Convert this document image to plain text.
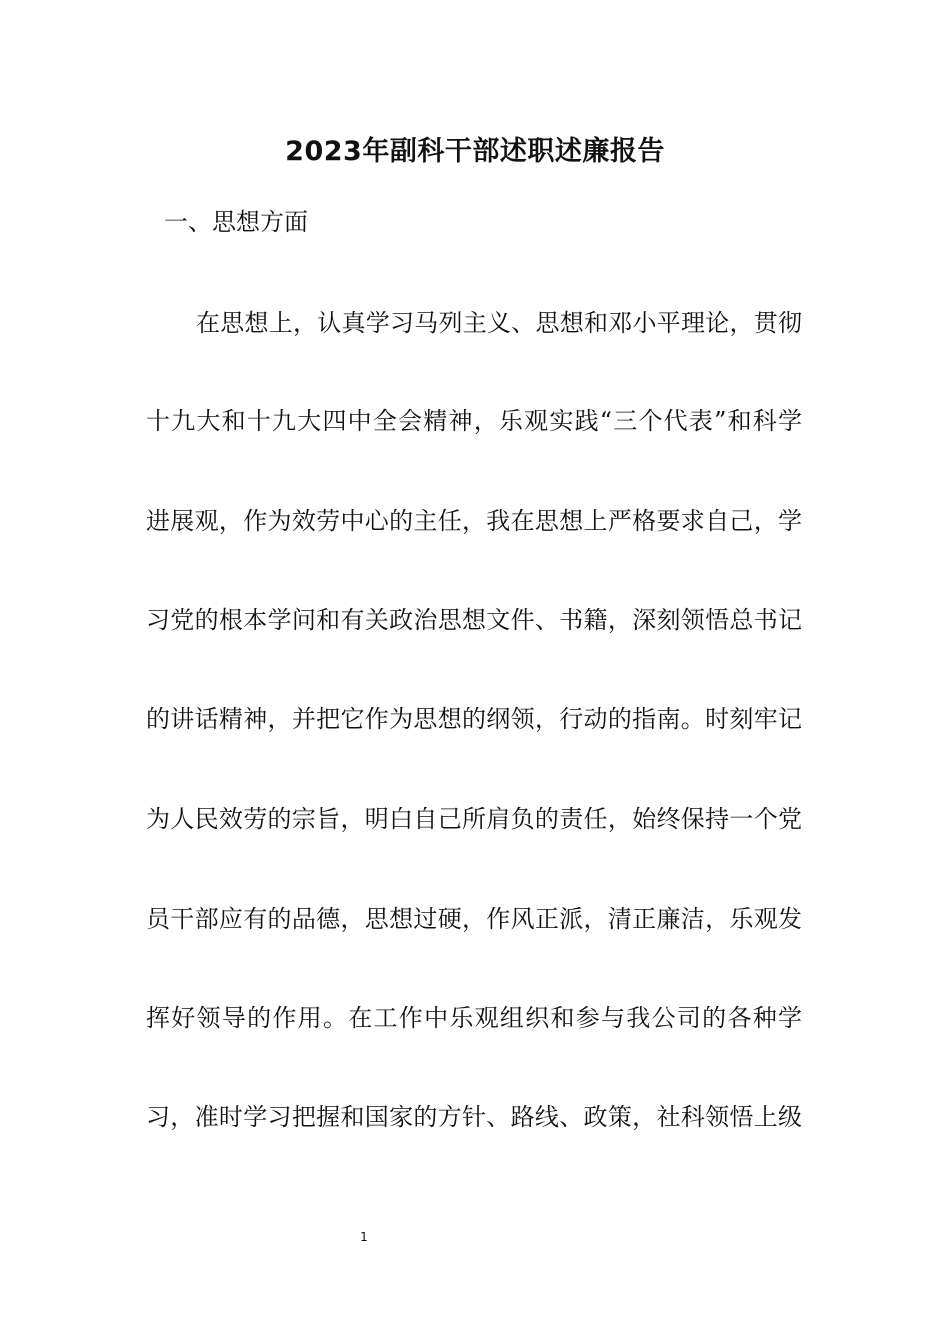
2023年副科干部述职述廉报告
一、思想方面
在思想上，认真学习马列主义、思想和邓小平理论，贯彻
十九大和十九大四中全会精神，乐观实践“三个代表”和科学
进展观，作为效劳中心的主任，我在思想上严格要求自己，学
习党的根本学问和有关政治思想文件、书籍，深刻领悟总书记
的讲话精神，并把它作为思想的纲领，行动的指南。时刻牢记
为人民效劳的宗旨，明白自己所肩负的责任，始终保持一个党
员干部应有的品德，思想过硬，作风正派，清正廉洁，乐观发
挥好领导的作用。在工作中乐观组织和参与我公司的各种学
习，准时学习把握和国家的方针、路线、政策，社科领悟上级
1
